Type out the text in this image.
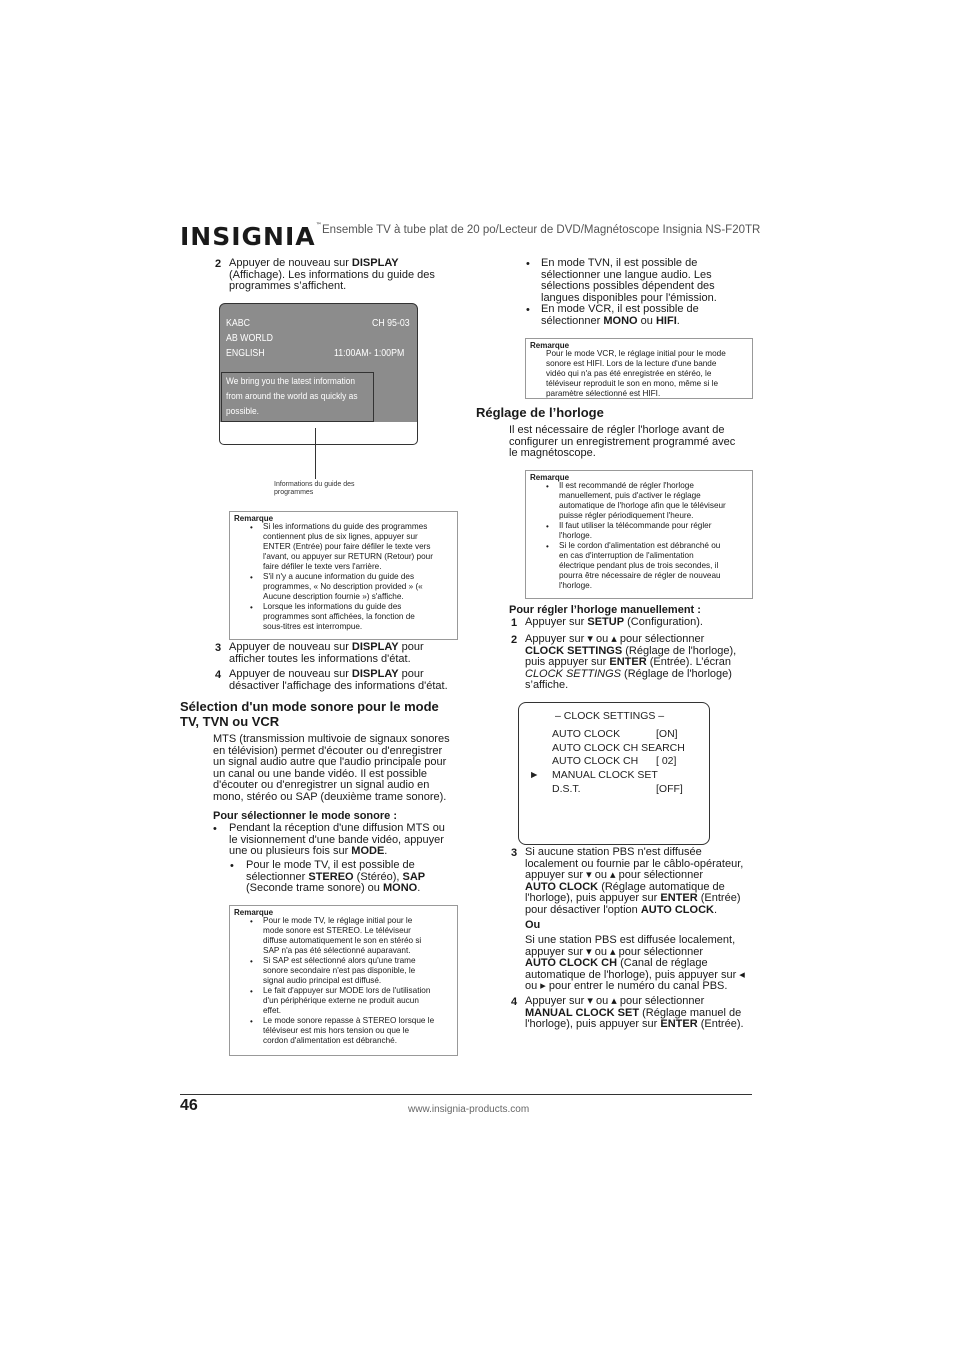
INSIGNIA™ Ensemble TV à tube plat de 20 po/Lecteur de DVD/Magnétoscope Insignia NS-F20TR
2 Appuyer de nouveau sur DISPLAY
(Affichage). Les informations du guide des
programmes s’affichent.
KABC	CH 95-03
AB WORLD
ENGLISH	11:00AM- 1:00PM
We bring you the latest information
from around the world as quickly as
possible.
Informations du guide des
programmes
Remarque
•
•
•
Si les informations du guide des programmes
contiennent plus de six lignes, appuyer sur
ENTER (Entrée) pour faire défiler le texte vers
l'avant, ou appuyer sur RETURN (Retour) pour
faire défiler le texte vers l'arrière.
S'il n'y a aucune information du guide des
programmes, « No description provided » («
Aucune description fournie ») s'affiche.
Lorsque les informations du guide des
programmes sont affichées, la fonction de
sous-titres est interrompue.
3 Appuyer de nouveau sur DISPLAY pour
afficher toutes les informations d'état.
4 Appuyer de nouveau sur DISPLAY pour
désactiver l'affichage des informations d'état.
Sélection d'un mode sonore pour le mode
TV, TVN ou VCR
MTS (transmission multivoie de signaux sonores
en télévision) permet d'écouter ou d'enregistrer
un signal audio autre que l'audio principale pour
un canal ou une bande vidéo. Il est possible
d'écouter ou d'enregistrer un signal audio en
mono, stéréo ou SAP (deuxième trame sonore).
Pour sélectionner le mode sonore :
• Pendant la réception d'une diffusion MTS ou
le visionnement d'une bande vidéo, appuyer
une ou plusieurs fois sur MODE.
• Pour le mode TV, il est possible de
sélectionner STEREO (Stéréo), SAP
(Seconde trame sonore) ou MONO.
Remarque
•
•
•
•
Pour le mode TV, le réglage initial pour le
mode sonore est STEREO. Le téléviseur
diffuse automatiquement le son en stéréo si
SAP n'a pas été sélectionné auparavant.
Si SAP est sélectionné alors qu'une trame
sonore secondaire n'est pas disponible, le
signal audio principal est diffusé.
Le fait d'appuyer sur MODE lors de l'utilisation
d'un périphérique externe ne produit aucun
effet.
Le mode sonore repasse à STEREO lorsque le
téléviseur est mis hors tension ou que le
cordon d'alimentation est débranché.
• En mode TVN, il est possible de
sélectionner une langue audio. Les
sélections possibles dépendent des
langues disponibles pour l'émission.
• En mode VCR, il est possible de
sélectionner MONO ou HIFI.
Remarque
Pour le mode VCR, le réglage initial pour le mode
sonore est HIFI. Lors de la lecture d'une bande
vidéo qui n'a pas été enregistrée en stéréo, le
téléviseur reproduit le son en mono, même si le
paramètre sélectionné est HIFI.
Réglage de l’horloge
Il est nécessaire de régler l'horloge avant de
configurer un enregistrement programmé avec
le magnétoscope.
Remarque
•
•
•
Il est recommandé de régler l'horloge
manuellement, puis d'activer le réglage
automatique de l'horloge afin que le téléviseur
puisse régler périodiquement l'heure.
Il faut utiliser la télécommande pour régler
l'horloge.
Si le cordon d'alimentation est débranché ou
en cas d'interruption de l'alimentation
électrique pendant plus de trois secondes, il
pourra être nécessaire de régler de nouveau
l'horloge.
Pour régler l’horloge manuellement :
1 Appuyer sur SETUP (Configuration).
2 Appuyer sur ▾ ou ▴ pour sélectionner
CLOCK SETTINGS (Réglage de l'horloge),
puis appuyer sur ENTER (Entrée). L’écran
CLOCK SETTINGS (Réglage de l'horloge)
s’affiche.
– CLOCK SETTINGS –
AUTO CLOCK	[ON]
AUTO CLOCK CH SEARCH
AUTO CLOCK CH [ 02]
► MANUAL CLOCK SET
D.S.T.	[OFF]
3 Si aucune station PBS n'est diffusée
localement ou fournie par le câblo-opérateur,
appuyer sur ▾ ou ▴ pour sélectionner
AUTO CLOCK (Réglage automatique de
l'horloge), puis appuyer sur ENTER (Entrée)
pour désactiver l'option AUTO CLOCK.
Ou
Si une station PBS est diffusée localement,
appuyer sur ▾ ou ▴ pour sélectionner
AUTO CLOCK CH (Canal de réglage
automatique de l'horloge), puis appuyer sur ◂
ou ▸ pour entrer le numéro du canal PBS.
4 Appuyer sur ▾ ou ▴ pour sélectionner
MANUAL CLOCK SET (Réglage manuel de
l'horloge), puis appuyer sur ENTER (Entrée).
46	www.insignia-products.com
